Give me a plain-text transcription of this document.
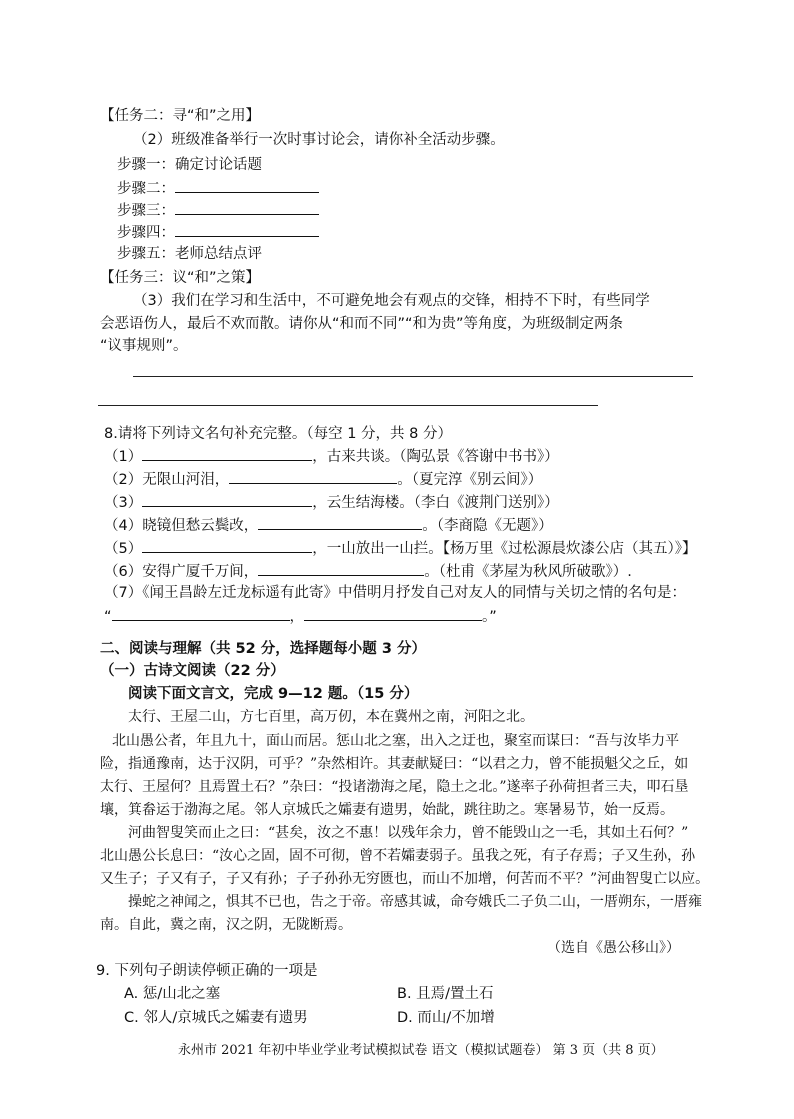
【任务二：寻“和”之用】
（2）班级准备举行一次时事讨论会，请你补全活动步骤。
步骤一：确定讨论话题
步骤二：
步骤三：
步骤四：
步骤五：老师总结点评
【任务三：议“和”之策】
（3）我们在学习和生活中，不可避免地会有观点的交锋，相持不下时，有些同学
会恶语伤人，最后不欢而散。请你从“和而不同”“和为贵”等角度，为班级制定两条
“议事规则”。
8.请将下列诗文名句补充完整。（每空 1 分，共 8 分）
（1）	，古来共谈。（陶弘景《答谢中书书》）
（2）无限山河泪，	。（夏完淳《别云间》）
（3）	，云生结海楼。（李白《渡荆门送别》）
（4）晓镜但愁云鬓改，	。（李商隐《无题》）
（5）	，一山放出一山拦。【杨万里《过松源晨炊漆公店（其五）》】
（6）安得广厦千万间，	。（杜甫《茅屋为秋风所破歌》）.
（7）《闻王昌龄左迁龙标遥有此寄》中借明月抒发自己对友人的同情与关切之情的名句是：
“	，	。”
二、阅读与理解（共 52 分，选择题每小题 3 分）
（一）古诗文阅读（22 分）
阅读下面文言文，完成 9—12 题。（15 分）
太行、王屋二山，方七百里，高万仞，本在冀州之南，河阳之北。
北山愚公者，年且九十，面山而居。惩山北之塞，出入之迂也，聚室而谋曰：“吾与汝毕力平
险，指通豫南，达于汉阴，可乎？”杂然相许。其妻献疑曰：“以君之力，曾不能损魁父之丘，如
太行、王屋何？且焉置土石？”杂曰：“投诸渤海之尾，隐土之北。”遂率子孙荷担者三夫，叩石垦
壤，箕畚运于渤海之尾。邻人京城氏之孀妻有遗男，始龀，跳往助之。寒暑易节，始一反焉。
河曲智叟笑而止之曰：“甚矣，汝之不惠！以残年余力，曾不能毁山之一毛，其如土石何？”
北山愚公长息曰：“汝心之固，固不可彻，曾不若孀妻弱子。虽我之死，有子存焉；子又生孙，孙
又生子；子又有子，子又有孙；子子孙孙无穷匮也，而山不加增，何苦而不平？”河曲智叟亡以应。
操蛇之神闻之，惧其不已也，告之于帝。帝感其诚，命夸娥氏二子负二山，一厝朔东，一厝雍
南。自此，冀之南，汉之阴，无陇断焉。
（选自《愚公移山》）
9. 下列句子朗读停顿正确的一项是
A. 惩/山北之塞	B. 且焉/置土石
C. 邻人/京城氏之孀妻有遗男	D. 而山/不加增
永州市 2021 年初中毕业学业考试模拟试卷 语文（模拟试题卷） 第 3 页（共 8 页）
